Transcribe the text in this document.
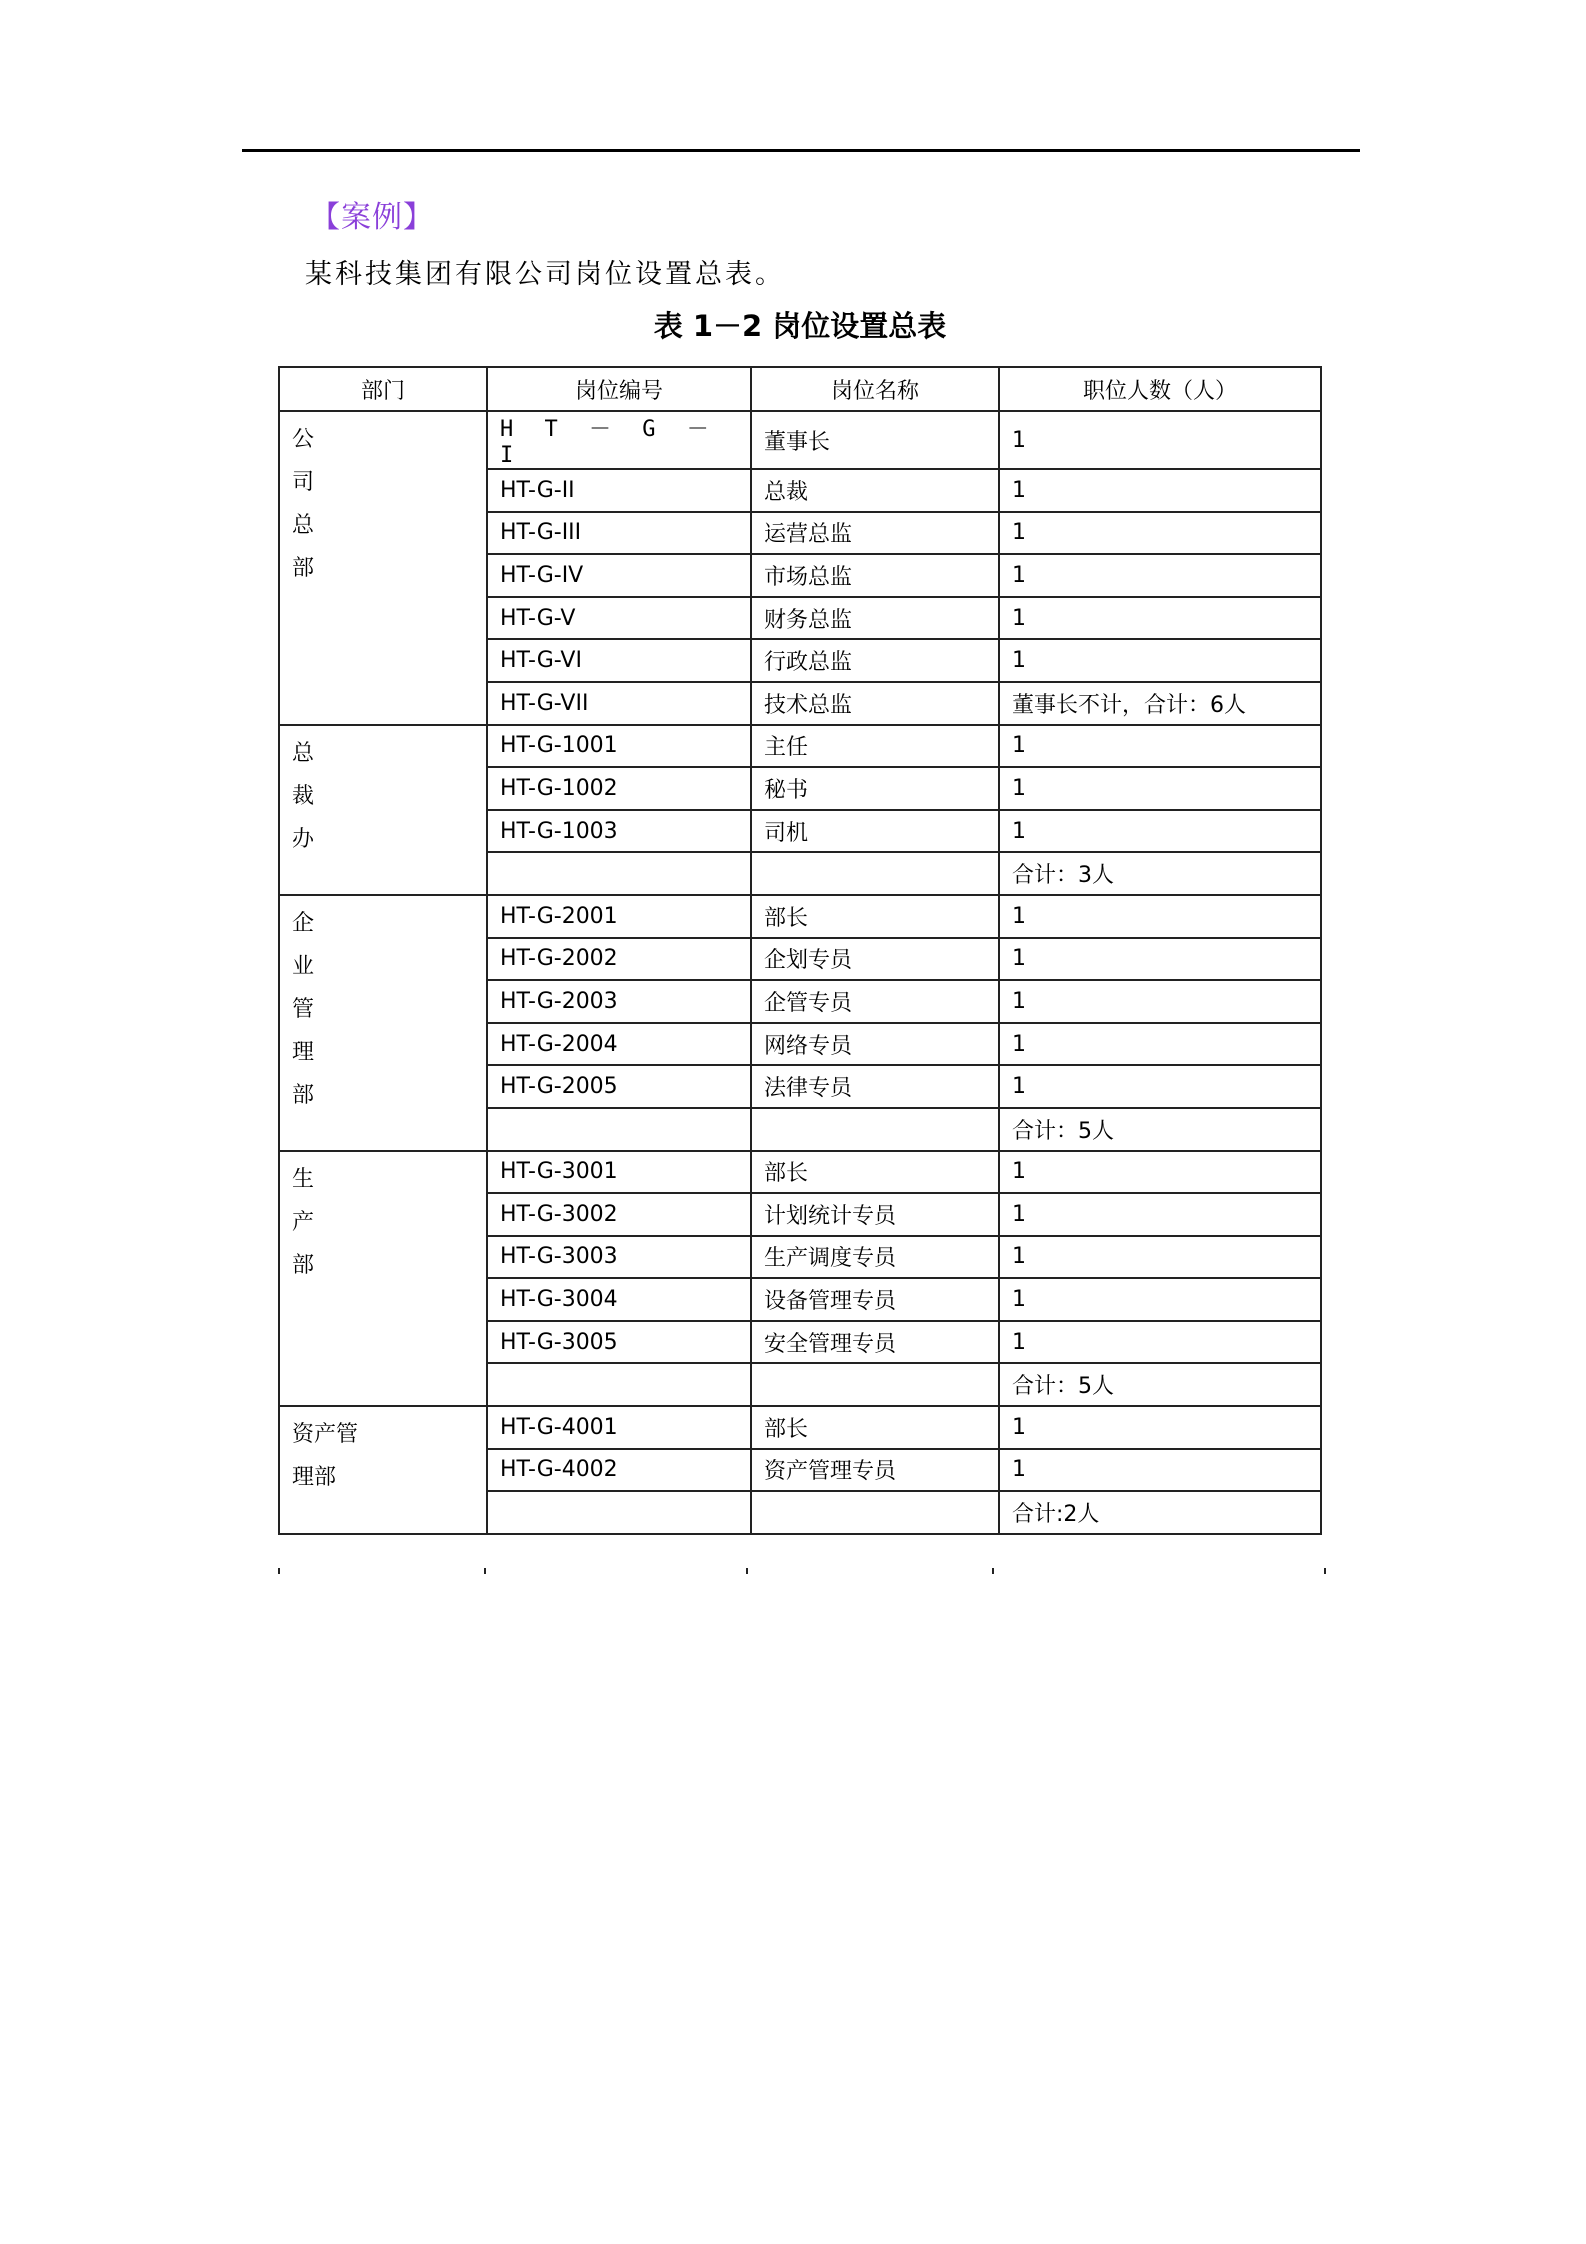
【案例】
某科技集团有限公司岗位设置总表。
表 1－2 岗位设置总表
部门	岗位编号	岗位名称	职位人数（人）

公
司
总
部	H T － G － I	董事长	1
	HT-G-II	总裁	1
	HT-G-III	运营总监	1
	HT-G-IV	市场总监	1
	HT-G-V	财务总监	1
	HT-G-VI	行政总监	1
	HT-G-VII	技术总监	董事长不计，合计：6人

总
裁
办	HT-G-1001	主任	1
	HT-G-1002	秘书	1
	HT-G-1003	司机	1
			合计：3人

企
业
管
理
部	HT-G-2001	部长	1
	HT-G-2002	企划专员	1
	HT-G-2003	企管专员	1
	HT-G-2004	网络专员	1
	HT-G-2005	法律专员	1
			合计：5人

生
产
部	HT-G-3001	部长	1
	HT-G-3002	计划统计专员	1
	HT-G-3003	生产调度专员	1
	HT-G-3004	设备管理专员	1
	HT-G-3005	安全管理专员	1
			合计：5人

资产管
理部	HT-G-4001	部长	1
	HT-G-4002	资产管理专员	1
			合计:2人
